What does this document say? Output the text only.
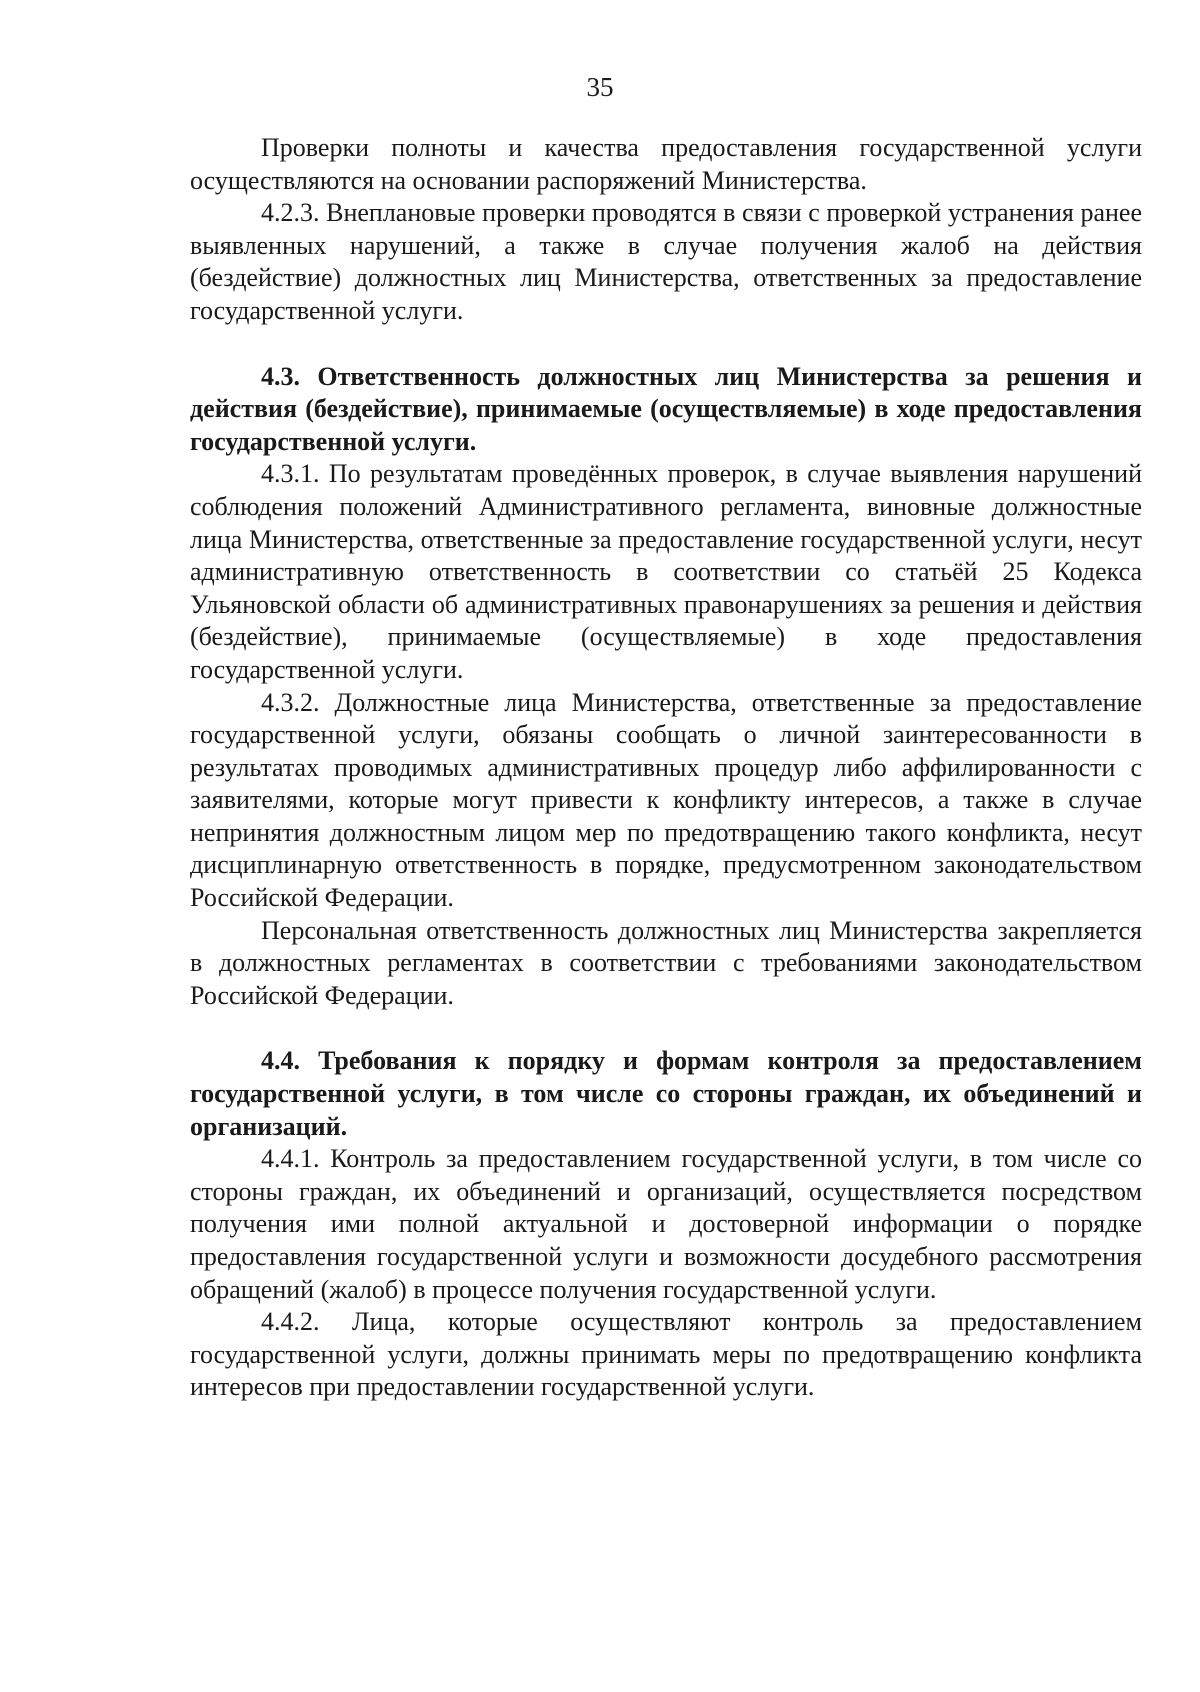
35

Проверки полноты и качества предоставления государственной услуги осуществляются на основании распоряжений Министерства.

4.2.3. Внеплановые проверки проводятся в связи с проверкой устранения ранее выявленных нарушений, а также в случае получения жалоб на действия (бездействие) должностных лиц Министерства, ответственных за предоставление государственной услуги.

4.3. Ответственность должностных лиц Министерства за решения и действия (бездействие), принимаемые (осуществляемые) в ходе предоставления государственной услуги.

4.3.1. По результатам проведённых проверок, в случае выявления нарушений соблюдения положений Административного регламента, виновные должностные лица Министерства, ответственные за предоставление государственной услуги, несут административную ответственность в соответствии со статьёй 25 Кодекса Ульяновской области об административных правонарушениях за решения и действия (бездействие), принимаемые (осуществляемые) в ходе предоставления государственной услуги.

4.3.2. Должностные лица Министерства, ответственные за предоставление государственной услуги, обязаны сообщать о личной заинтересованности в результатах проводимых административных процедур либо аффилированности с заявителями, которые могут привести к конфликту интересов, а также в случае непринятия должностным лицом мер по предотвращению такого конфликта, несут дисциплинарную ответственность в порядке, предусмотренном законодательством Российской Федерации.

Персональная ответственность должностных лиц Министерства закрепляется в должностных регламентах в соответствии с требованиями законодательством Российской Федерации.

4.4. Требования к порядку и формам контроля за предоставлением государственной услуги, в том числе со стороны граждан, их объединений и организаций.

4.4.1. Контроль за предоставлением государственной услуги, в том числе со стороны граждан, их объединений и организаций, осуществляется посредством получения ими полной актуальной и достоверной информации о порядке предоставления государственной услуги и возможности досудебного рассмотрения обращений (жалоб) в процессе получения государственной услуги.

4.4.2. Лица, которые осуществляют контроль за предоставлением государственной услуги, должны принимать меры по предотвращению конфликта интересов при предоставлении государственной услуги.
